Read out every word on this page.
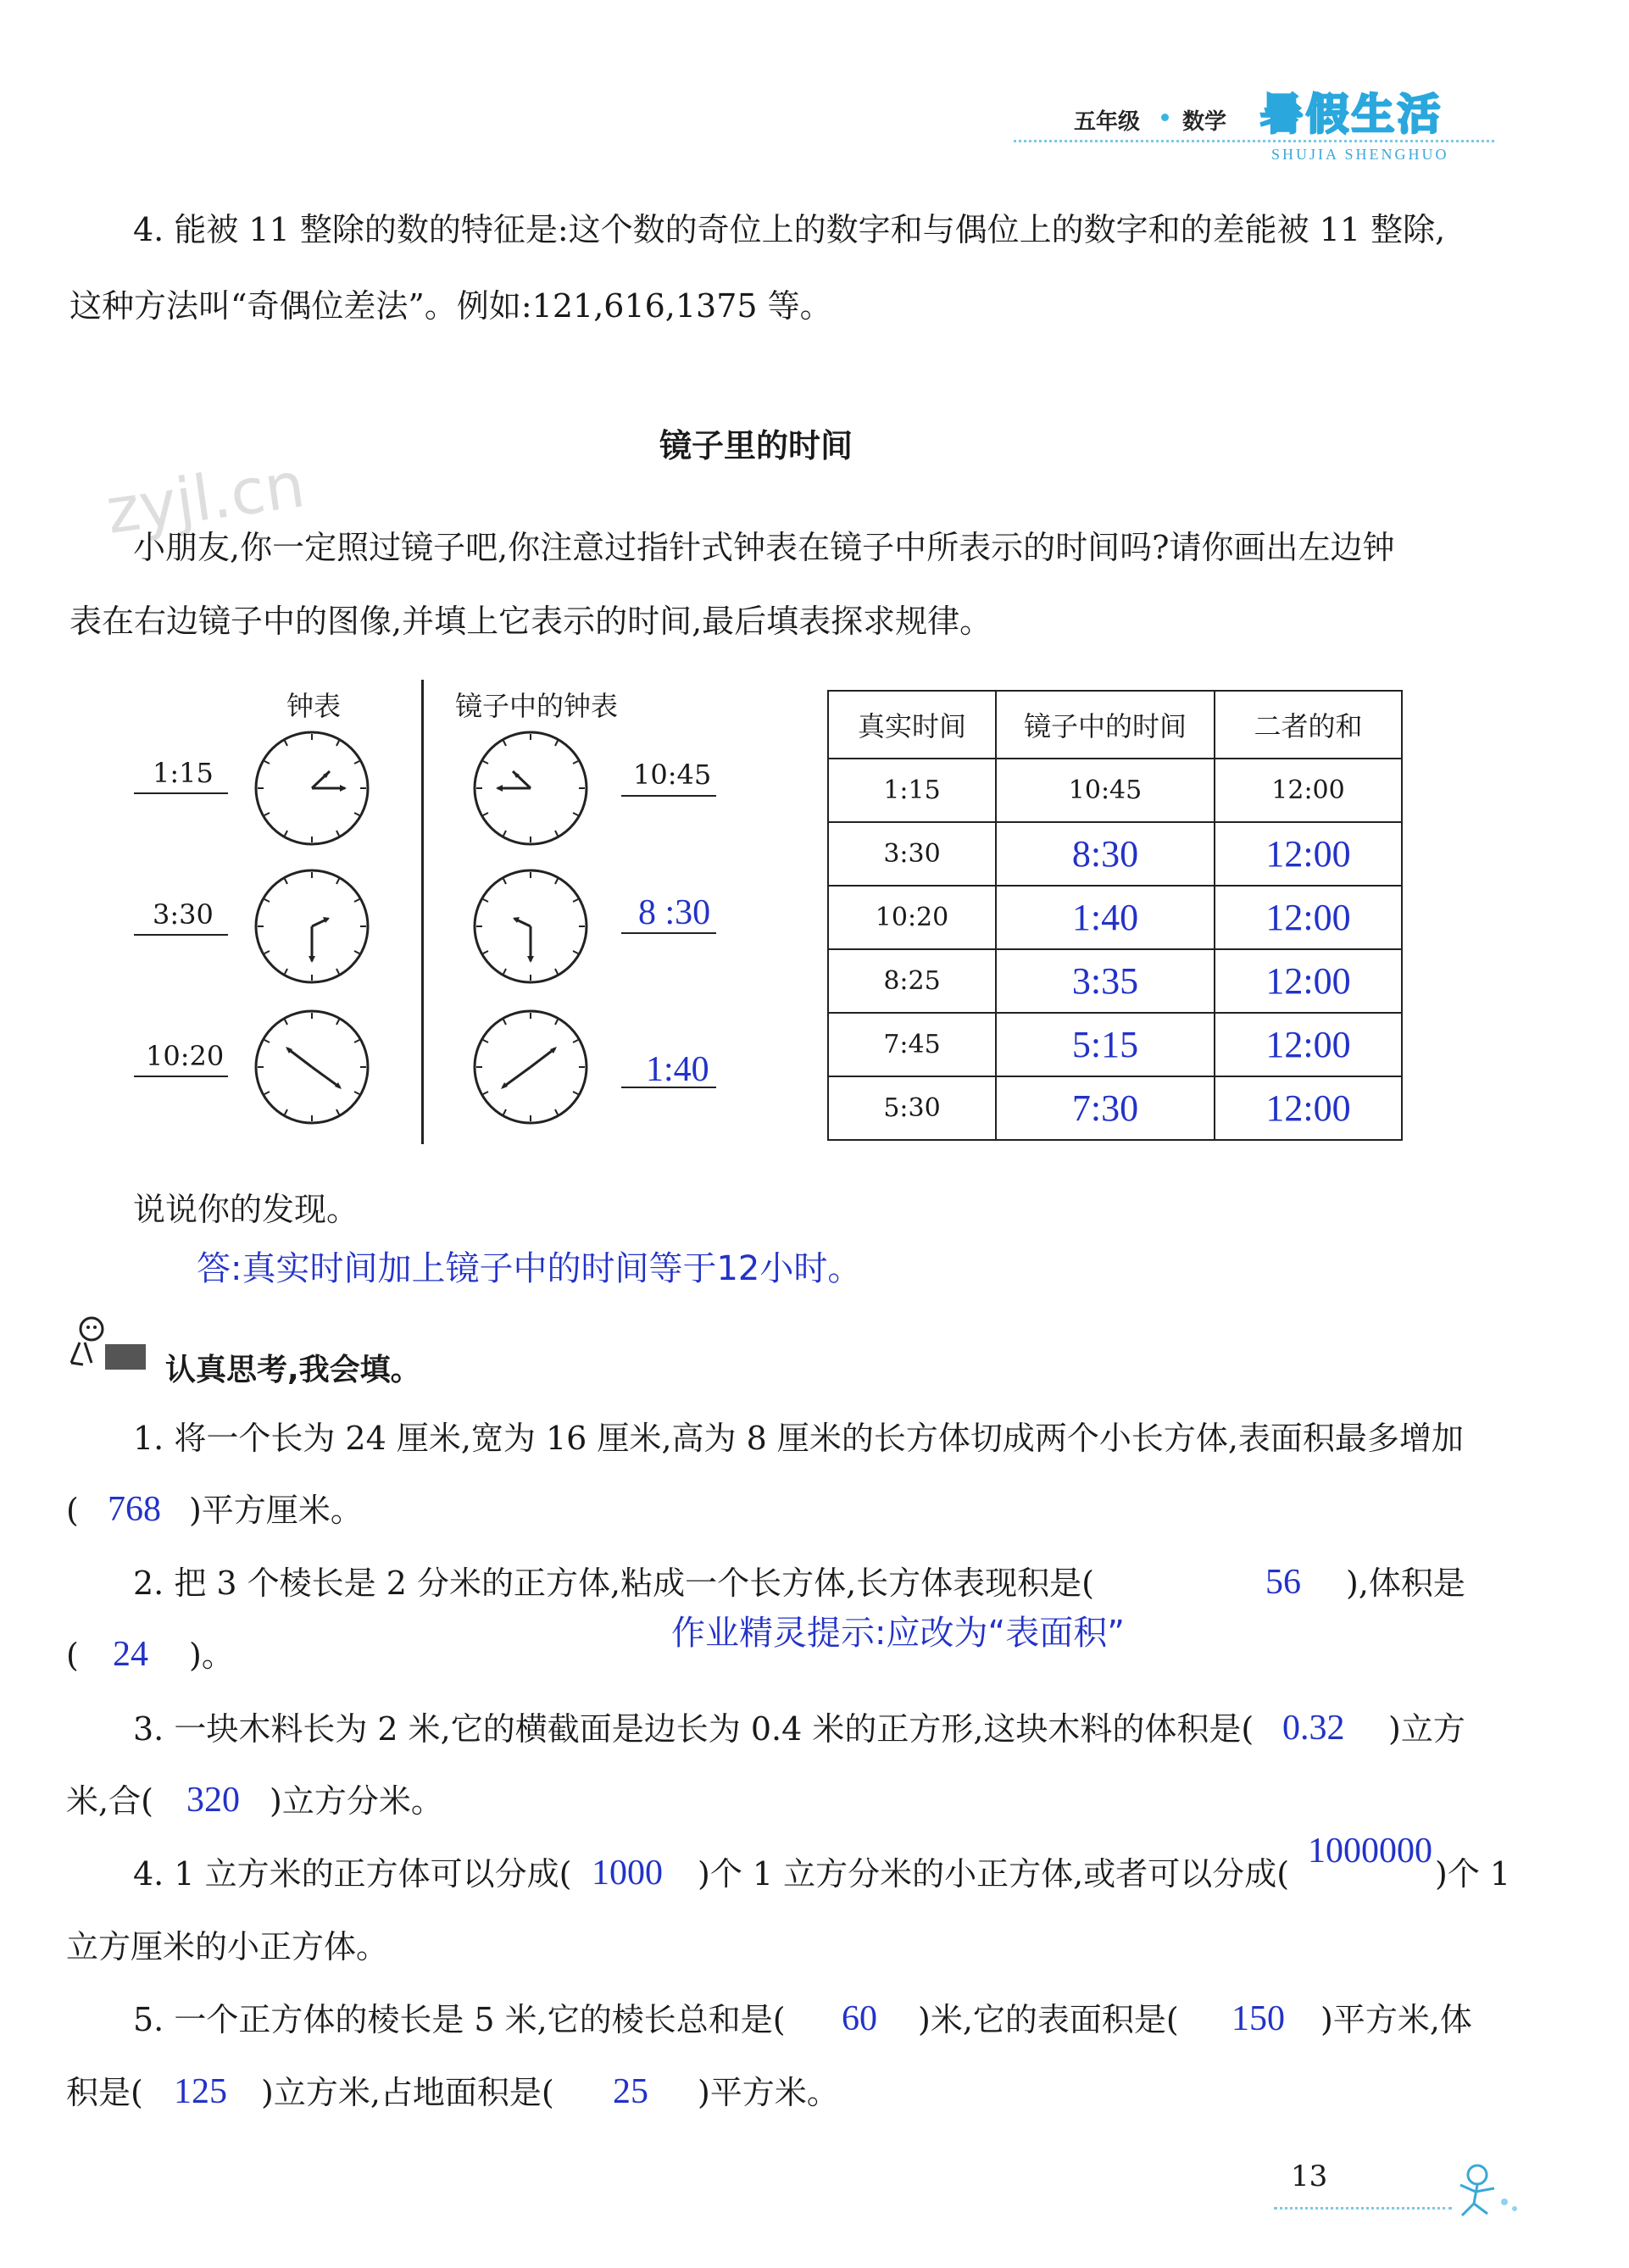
五年级 数学 暑假生活
SHUJIA SHENGHUO
zyjl.cn
4. 能被 11 整除的数的特征是:这个数的奇位上的数字和与偶位上的数字和的差能被 11 整除,
这种方法叫“奇偶位差法”。例如:121,616,1375 等。
镜子里的时间
小朋友,你一定照过镜子吧,你注意过指针式钟表在镜子中所表示的时间吗?请你画出左边钟
表在右边镜子中的图像,并填上它表示的时间,最后填表探求规律。
钟表	镜子中的钟表
1:15
3:30
10:20
10:45
8 :30
1:40
真实时间	镜子中的时间	二者的和
1:15	10:45	12:00
3:30	8:30	12:00
10:20	1:40	12:00
8:25	3:35	12:00
7:45	5:15	12:00
5:30	7:30	12:00
说说你的发现。
答:真实时间加上镜子中的时间等于12小时。
认真思考,我会填。
1. 将一个长为 24 厘米,宽为 16 厘米,高为 8 厘米的长方体切成两个小长方体,表面积最多增加
( 768 )平方厘米。
2. 把 3 个棱长是 2 分米的正方体,粘成一个长方体,长方体表现积是(	56 ),体积是
( 24 )。
作业精灵提示:应改为“表面积”
3. 一块木料长为 2 米,它的横截面是边长为 0.4 米的正方形,这块木料的体积是( 0.32 )立方
米,合( 320 )立方分米。
4. 1 立方米的正方体可以分成( 1000 )个 1 立方分米的小正方体,或者可以分成(
1000000
)个 1
立方厘米的小正方体。
5. 一个正方体的棱长是 5 米,它的棱长总和是( 60 )米,它的表面积是( 150 )平方米,体
积是( 125 )立方米,占地面积是( 25 )平方米。
13
